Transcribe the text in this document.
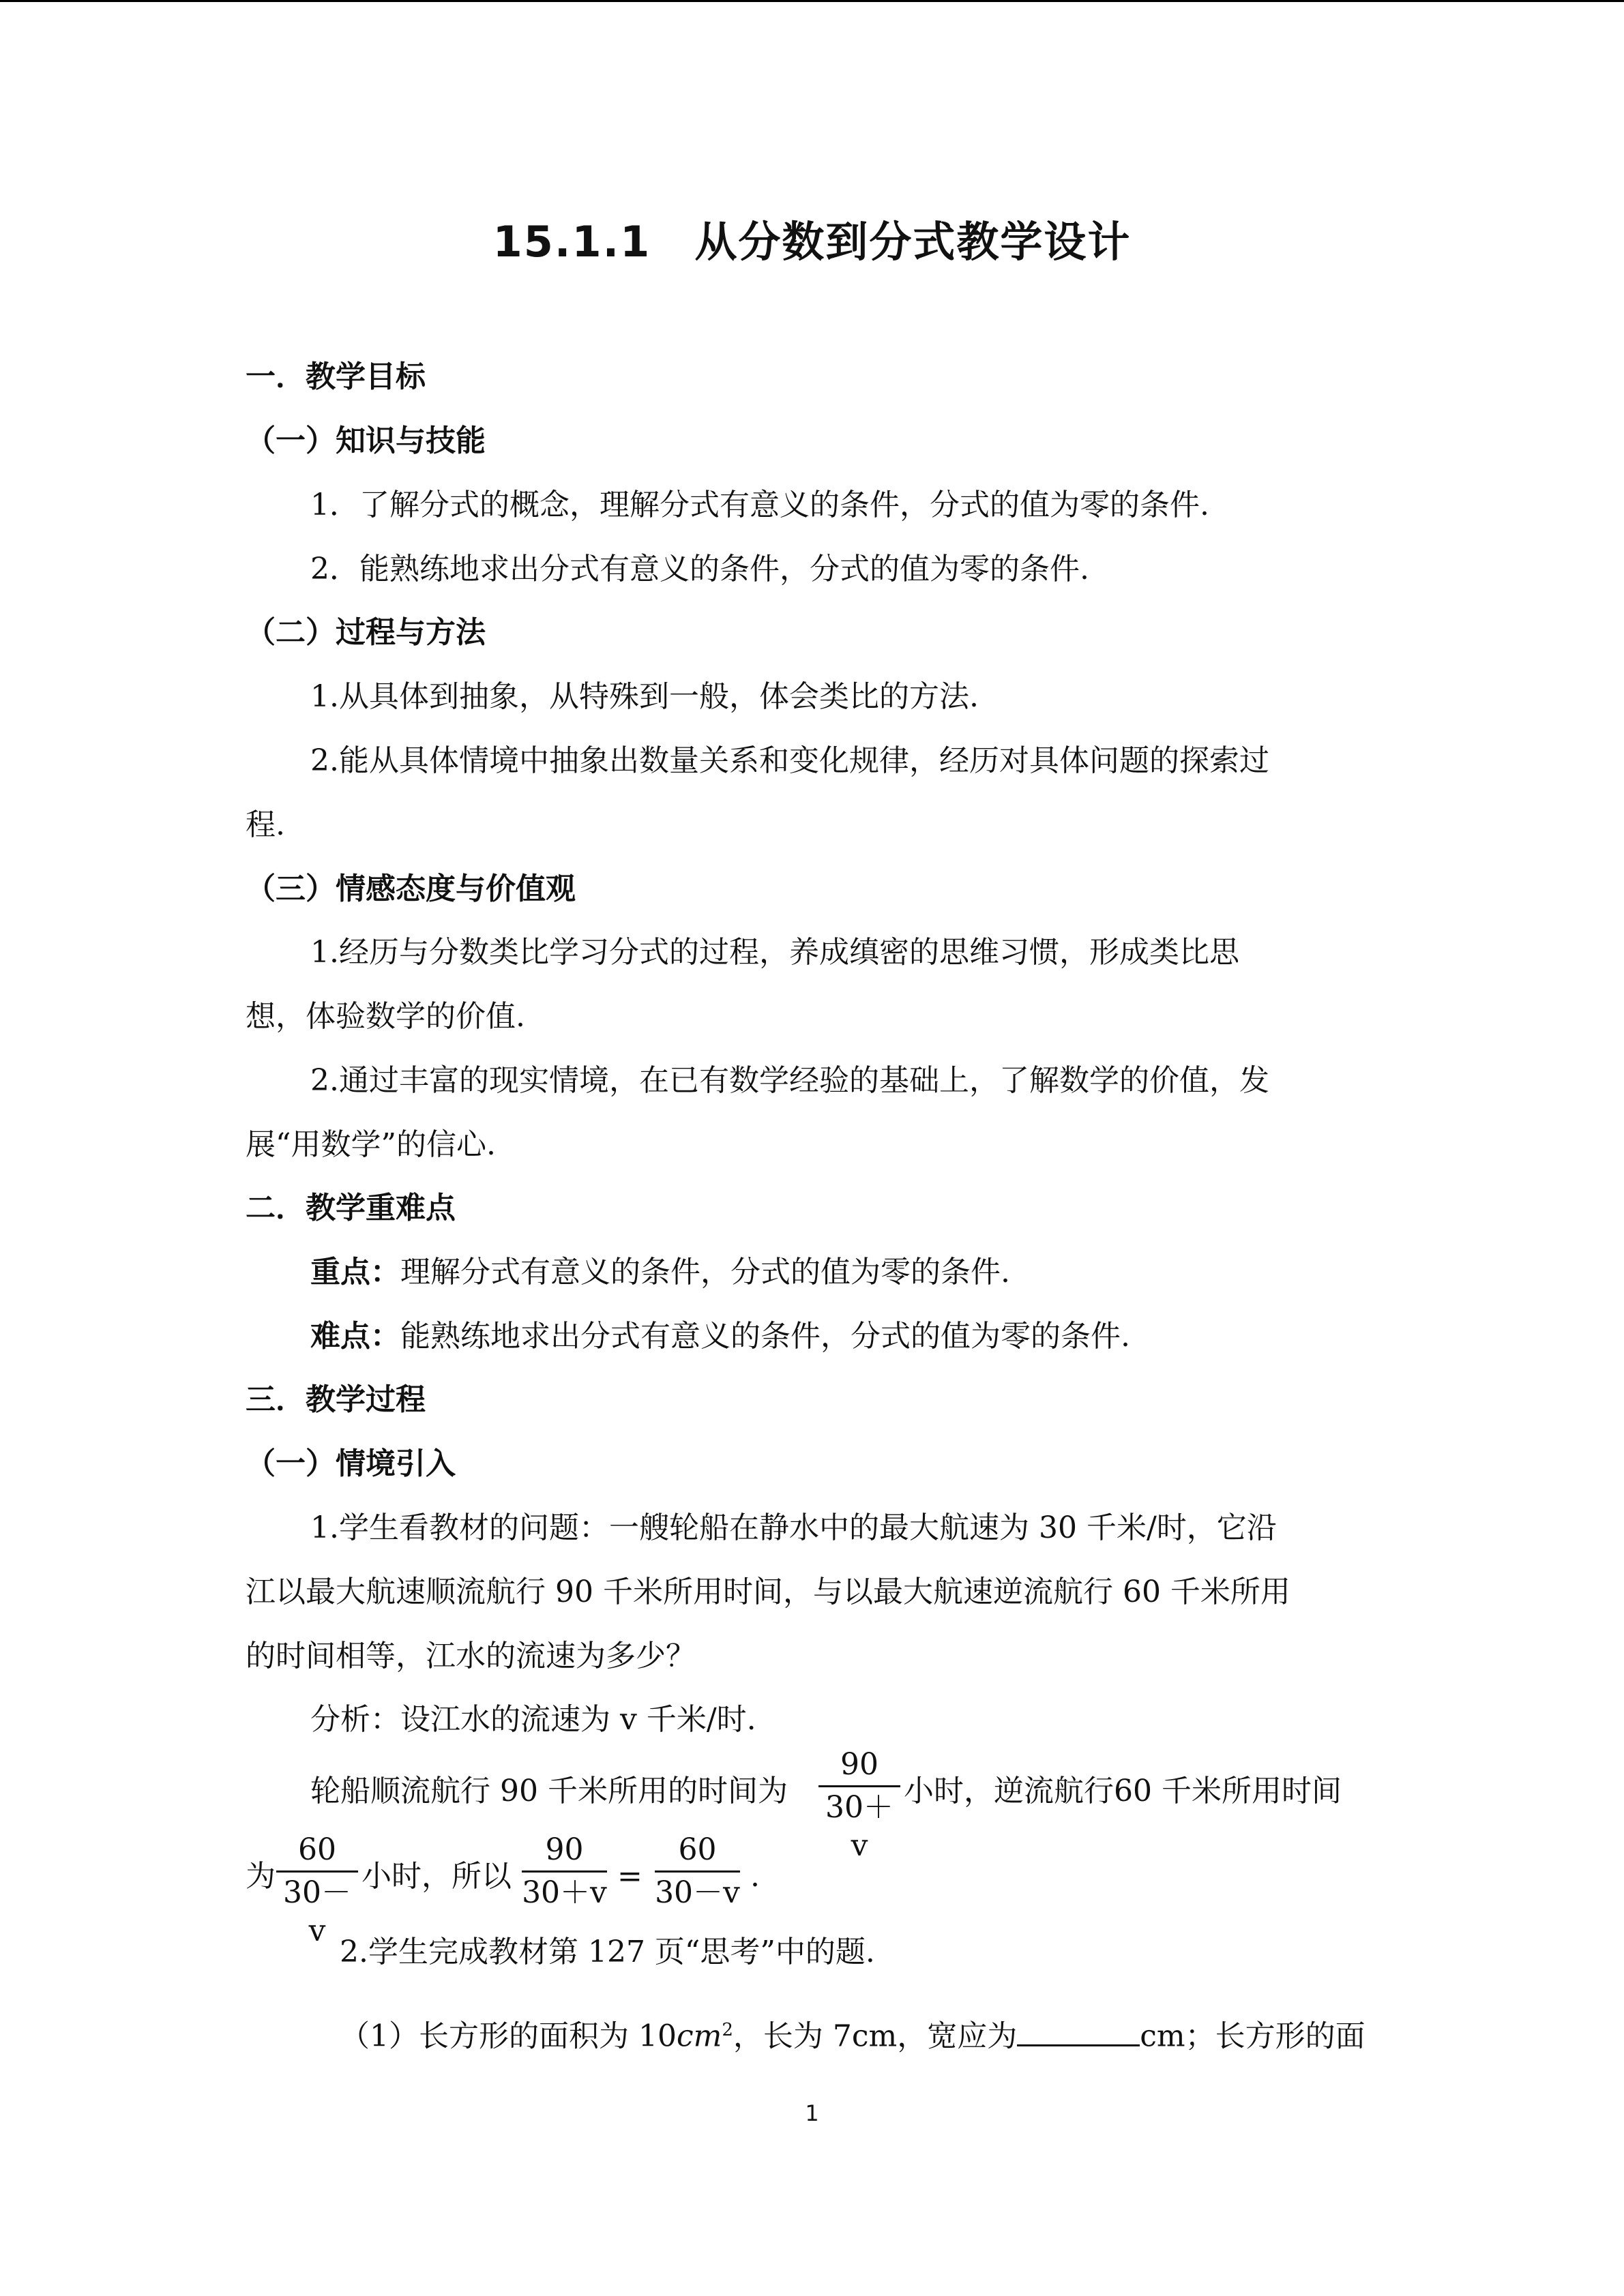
15.1.1　从分数到分式教学设计
一．教学目标
（一）知识与技能
1．了解分式的概念，理解分式有意义的条件，分式的值为零的条件.
2．能熟练地求出分式有意义的条件，分式的值为零的条件.
（二）过程与方法
1.从具体到抽象，从特殊到一般，体会类比的方法.
2.能从具体情境中抽象出数量关系和变化规律，经历对具体问题的探索过
程.
（三）情感态度与价值观
1.经历与分数类比学习分式的过程，养成缜密的思维习惯，形成类比思
想，体验数学的价值.
2.通过丰富的现实情境，在已有数学经验的基础上，了解数学的价值，发
展“用数学”的信心.
二．教学重难点
重点：理解分式有意义的条件，分式的值为零的条件.
难点：能熟练地求出分式有意义的条件，分式的值为零的条件.
三．教学过程
（一）情境引入
1.学生看教材的问题：一艘轮船在静水中的最大航速为 30 千米/时，它沿
江以最大航速顺流航行 90 千米所用时间，与以最大航速逆流航行 60 千米所用
的时间相等，江水的流速为多少？
分析：设江水的流速为 v 千米/时.
轮船顺流航行 90 千米所用的时间为
90
30＋v
小时，逆流航行60 千米所用时间
为
60
30－v
小时，所以
90
30＋v =
60
30－v .
2.学生完成教材第 127 页“思考”中的题.
（1）长方形的面积为 $10cm^2$，长为 7cm，宽应为	cm；长方形的面
1
